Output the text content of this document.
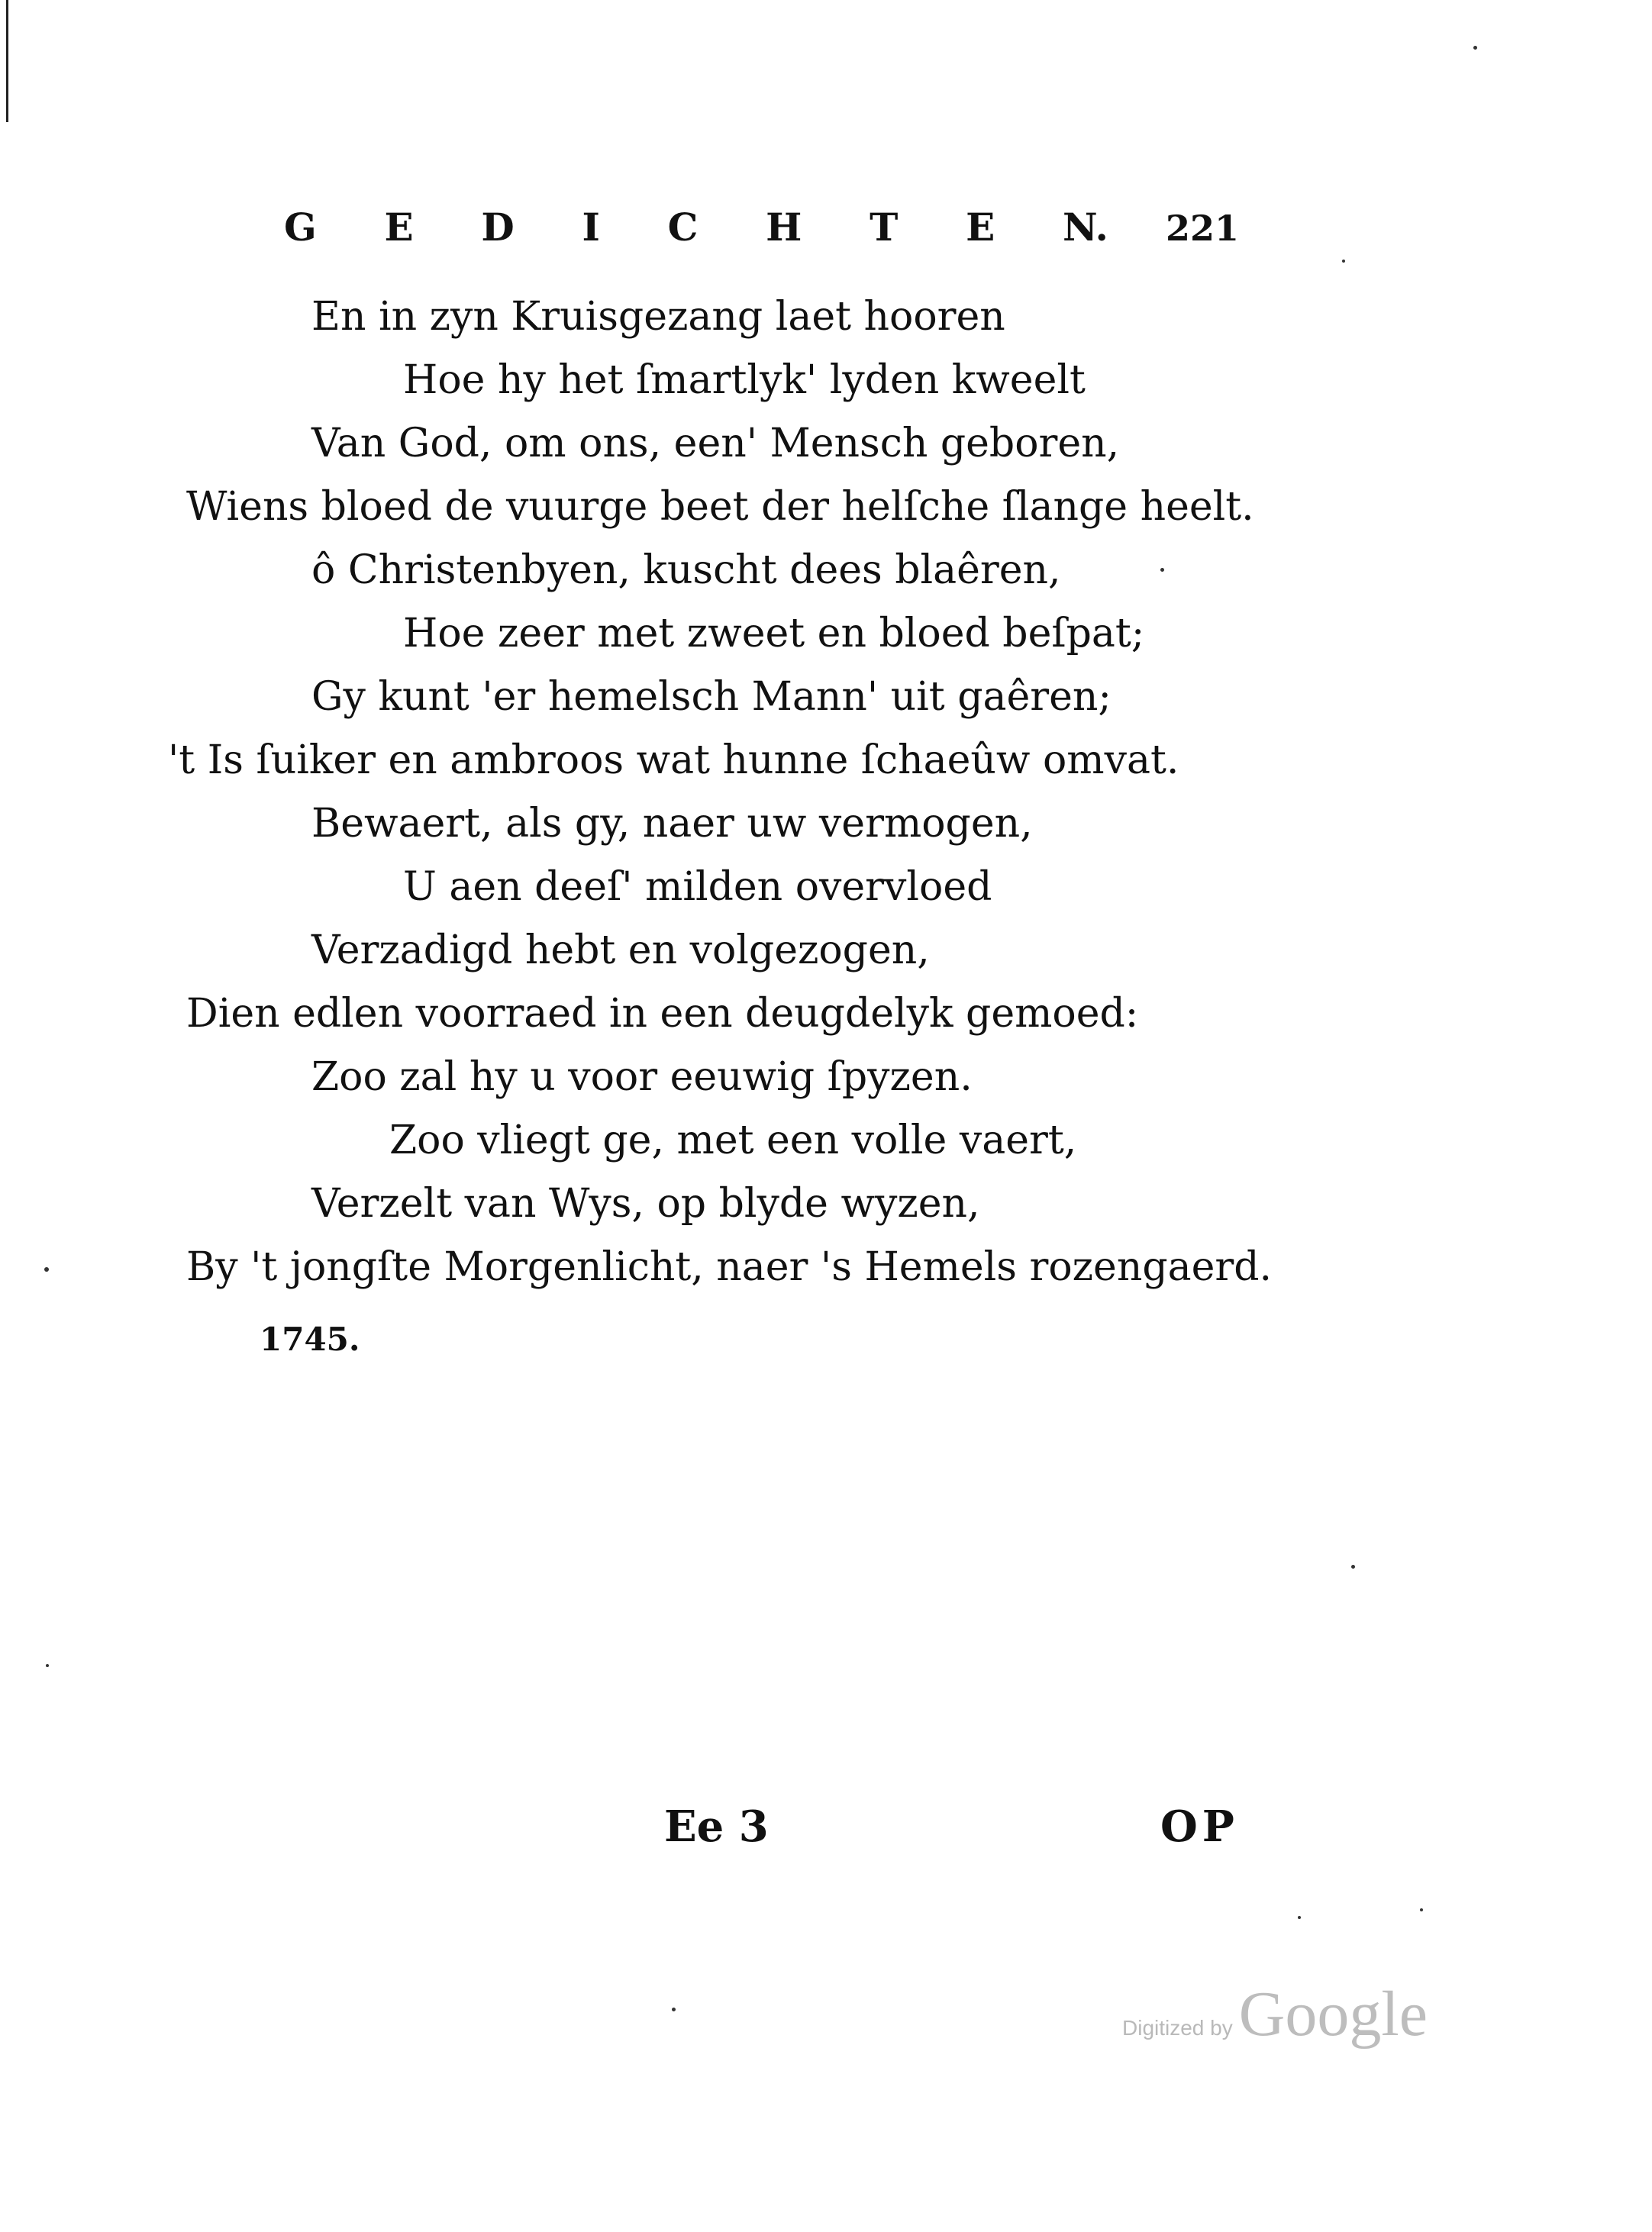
G E D I C H T E N. 221
En in zyn Kruisgezang laet hooren
Hoe hy het ſmartlyk' lyden kweelt
Van God, om ons, een' Mensch geboren,
Wiens bloed de vuurge beet der helſche ſlange heelt.
ô Christenbyen, kuscht dees blaêren,
Hoe zeer met zweet en bloed beſpat;
Gy kunt 'er hemelsch Mann' uit gaêren;
't Is ſuiker en ambroos wat hunne ſchaeûw omvat.
Bewaert, als gy, naer uw vermogen,
U aen deeſ' milden overvloed
Verzadigd hebt en volgezogen,
Dien edlen voorraed in een deugdelyk gemoed:
Zoo zal hy u voor eeuwig ſpyzen.
Zoo vliegt ge, met een volle vaert,
Verzelt van Wys, op blyde wyzen,
By 't jongſte Morgenlicht, naer 's Hemels rozengaerd.
1745.
Ee 3	OP
Digitized by Google
